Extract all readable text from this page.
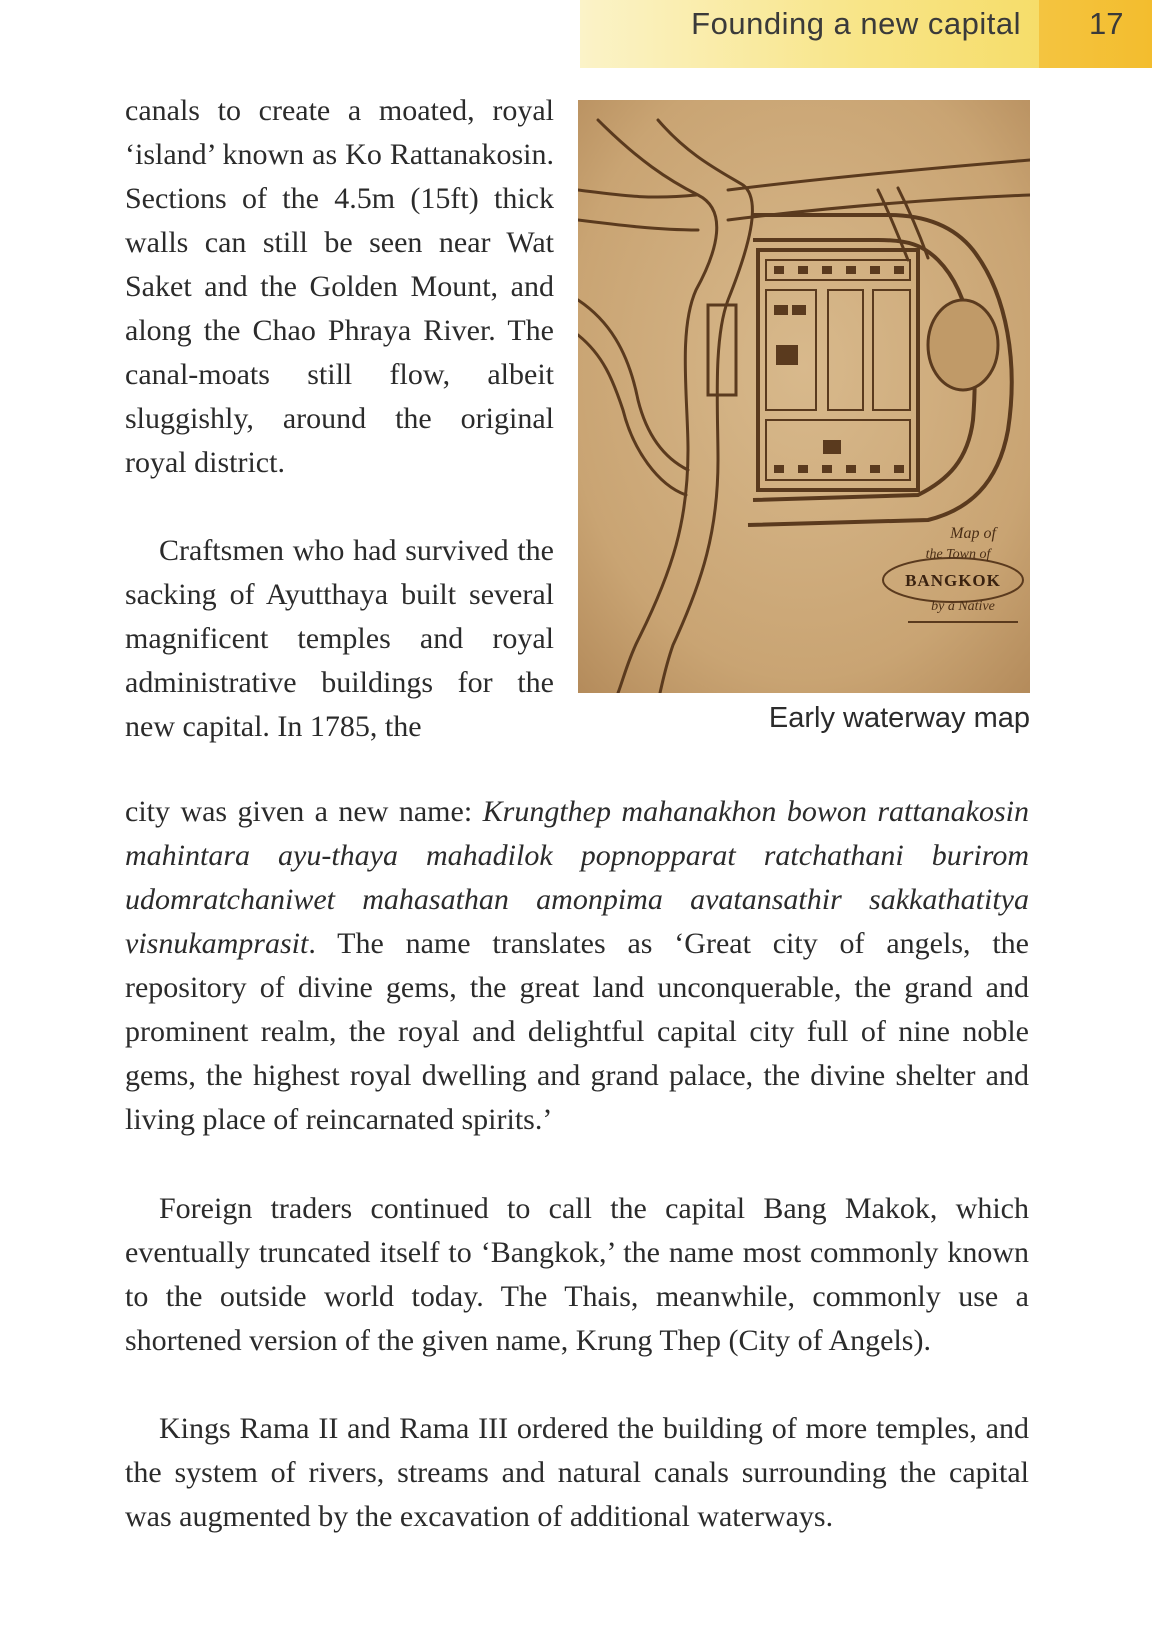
Founding a new capital 17

canals to create a moated, royal ‘island’ known as Ko Rattanakosin. Sections of the 4.5m (15ft) thick walls can still be seen near Wat Saket and the Golden Mount, and along the Chao Phraya River. The canal-moats still flow, albeit sluggishly, around the original royal district.

Craftsmen who had survived the sacking of Ayutthaya built several magnificent temples and royal administrative buildings for the new capital. In 1785, the

city was given a new name: Krungthep mahanakhon bowon rattanakosin mahintara ayu-thaya mahadilok popnopparat ratchathani burirom udomratchaniwet mahasathan amonpima avatansathir sakkathatitya visnukamprasit. The name translates as ‘Great city of angels, the repository of divine gems, the great land unconquerable, the grand and prominent realm, the royal and delightful capital city full of nine noble gems, the highest royal dwelling and grand palace, the divine shelter and living place of reincarnated spirits.’

Foreign traders continued to call the capital Bang Makok, which eventually truncated itself to ‘Bangkok,’ the name most commonly known to the outside world today. The Thais, meanwhile, commonly use a shortened version of the given name, Krung Thep (City of Angels).

Kings Rama II and Rama III ordered the building of more temples, and the system of rivers, streams and natural canals surrounding the capital was augmented by the excavation of additional waterways.

Map of
the Town of
BANGKOK
by a Native
Early waterway map
